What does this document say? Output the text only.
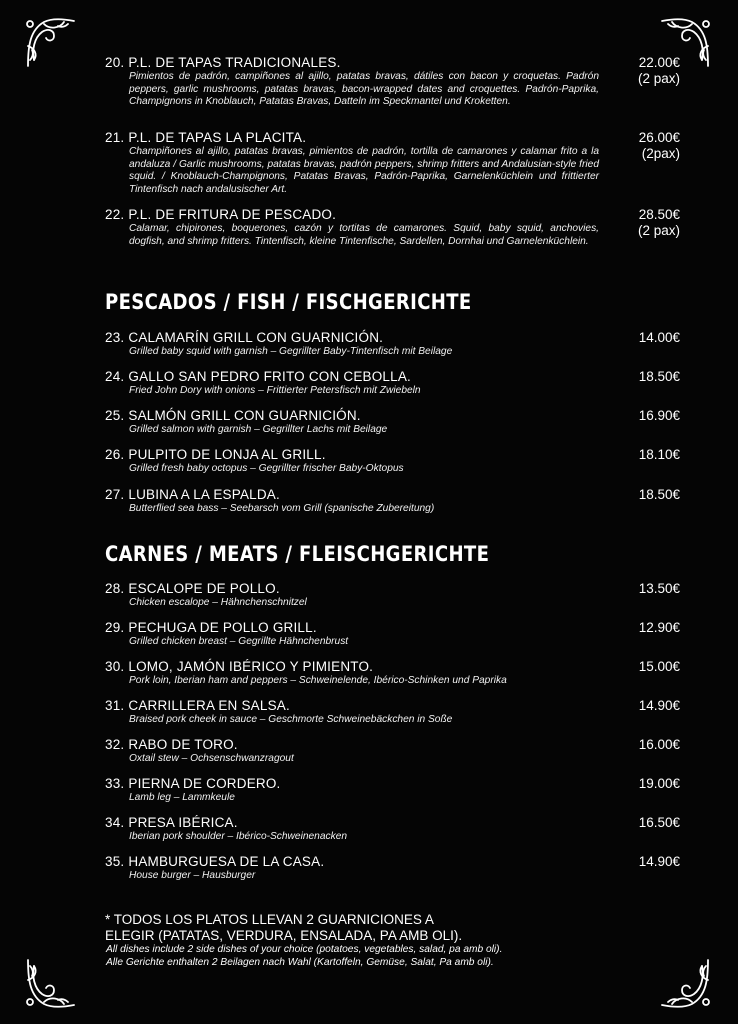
20. P.L. DE TAPAS TRADICIONALES.
Pimientos de padrón, campiñones al ajillo, patatas bravas, dátiles con bacon y croquetas. Padrón peppers, garlic mushrooms, patatas bravas, bacon-wrapped dates and croquettes. Padrón-Paprika, Champignons in Knoblauch, Patatas Bravas, Datteln im Speckmantel und Kroketten.
22.00€
(2 pax)
21. P.L. DE TAPAS LA PLACITA.
Champiñones al ajillo, patatas bravas, pimientos de padrón, tortilla de camarones y calamar frito a la andaluza / Garlic mushrooms, patatas bravas, padrón peppers, shrimp fritters and Andalusian-style fried squid. / Knoblauch-Champignons, Patatas Bravas, Padrón-Paprika, Garnelenküchlein und frittierter Tintenfisch nach andalusischer Art.
26.00€
(2pax)
22. P.L. DE FRITURA DE PESCADO.
Calamar, chipirones, boquerones, cazón y tortitas de camarones. Squid, baby squid, anchovies, dogfish, and shrimp fritters. Tintenfisch, kleine Tintenfische, Sardellen, Dornhai und Garnelenküchlein.
28.50€
(2 pax)
PESCADOS / FISH / FISCHGERICHTE
23. CALAMARÍN GRILL CON GUARNICIÓN.
Grilled baby squid with garnish – Gegrillter Baby-Tintenfisch mit Beilage
14.00€
24. GALLO SAN PEDRO FRITO CON CEBOLLA.
Fried John Dory with onions – Frittierter Petersfisch mit Zwiebeln
18.50€
25. SALMÓN GRILL CON GUARNICIÓN.
Grilled salmon with garnish – Gegrillter Lachs mit Beilage
16.90€
26. PULPITO DE LONJA AL GRILL.
Grilled fresh baby octopus – Gegrillter frischer Baby-Oktopus
18.10€
27. LUBINA A LA ESPALDA.
Butterflied sea bass – Seebarsch vom Grill (spanische Zubereitung)
18.50€
CARNES / MEATS / FLEISCHGERICHTE
28. ESCALOPE DE POLLO.
Chicken escalope – Hähnchenschnitzel
13.50€
29. PECHUGA DE POLLO GRILL.
Grilled chicken breast – Gegrillte Hähnchenbrust
12.90€
30. LOMO, JAMÓN IBÉRICO Y PIMIENTO.
Pork loin, Iberian ham and peppers – Schweinelende, Ibérico-Schinken und Paprika
15.00€
31. CARRILLERA EN SALSA.
Braised pork cheek in sauce – Geschmorte Schweinebäckchen in Soße
14.90€
32. RABO DE TORO.
Oxtail stew – Ochsenschwanzragout
16.00€
33. PIERNA DE CORDERO.
Lamb leg – Lammkeule
19.00€
34. PRESA IBÉRICA.
Iberian pork shoulder – Ibérico-Schweinenacken
16.50€
35. HAMBURGUESA DE LA CASA.
House burger – Hausburger
14.90€
* TODOS LOS PLATOS LLEVAN 2 GUARNICIONES A
ELEGIR (PATATAS, VERDURA, ENSALADA, PA AMB OLI).
All dishes include 2 side dishes of your choice (potatoes, vegetables, salad, pa amb oli).
Alle Gerichte enthalten 2 Beilagen nach Wahl (Kartoffeln, Gemüse, Salat, Pa amb oli).
